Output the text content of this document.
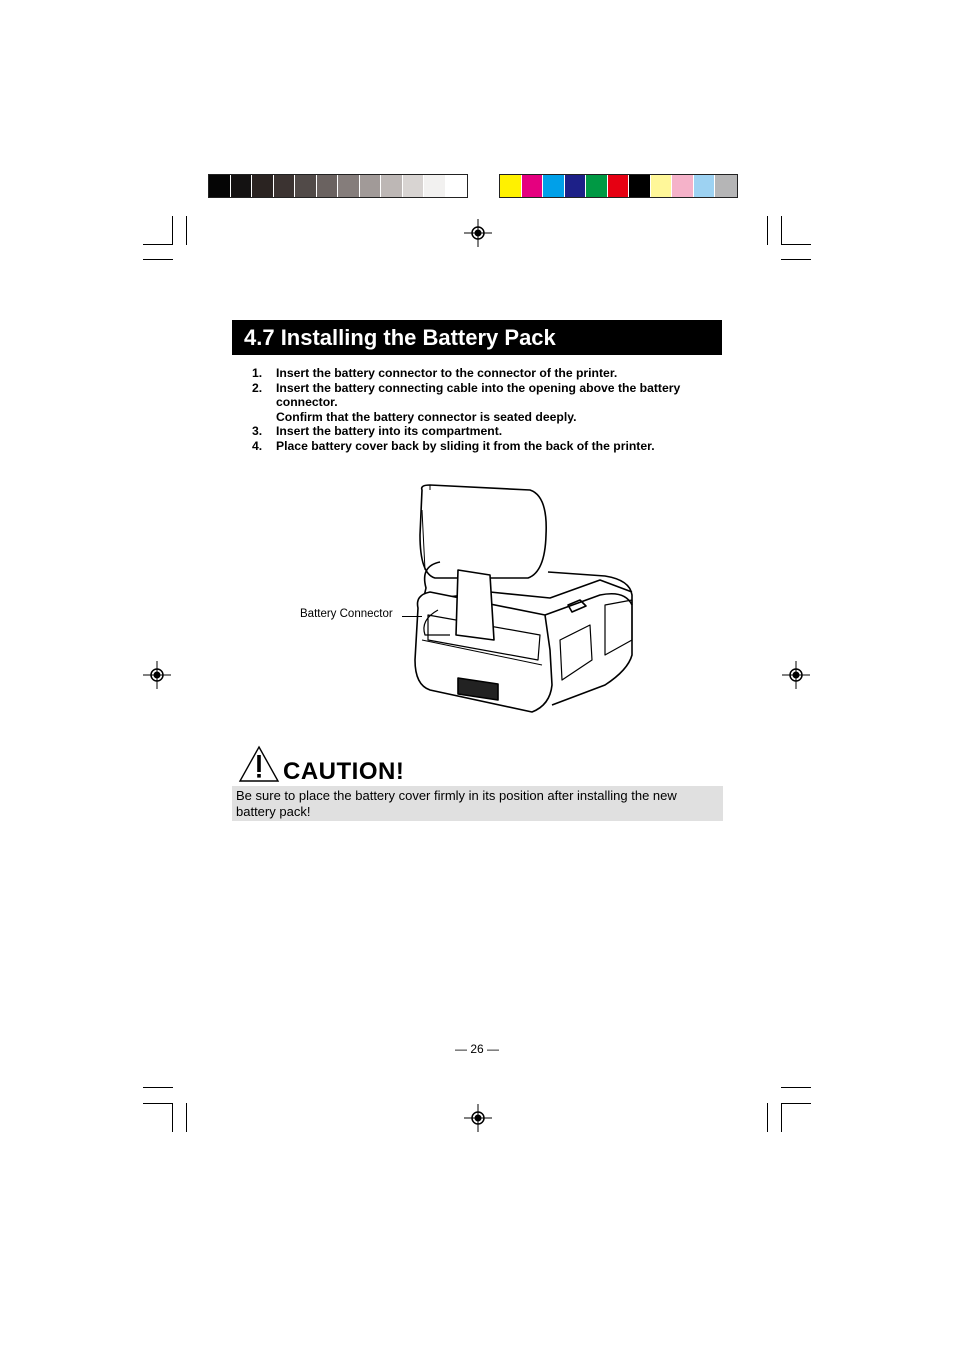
4.7 Installing the Battery Pack
1.	Insert the battery connector to the connector of the printer.
2.	Insert the battery connecting cable into the opening above the battery connector.
Confirm that the battery connector is seated deeply.
3.	Insert the battery into its compartment.
4.	Place battery cover back by sliding it from the back of the printer.
Battery Connector
CAUTION!
Be sure to place the battery cover firmly in its position after installing the new battery pack!
— 26 —
